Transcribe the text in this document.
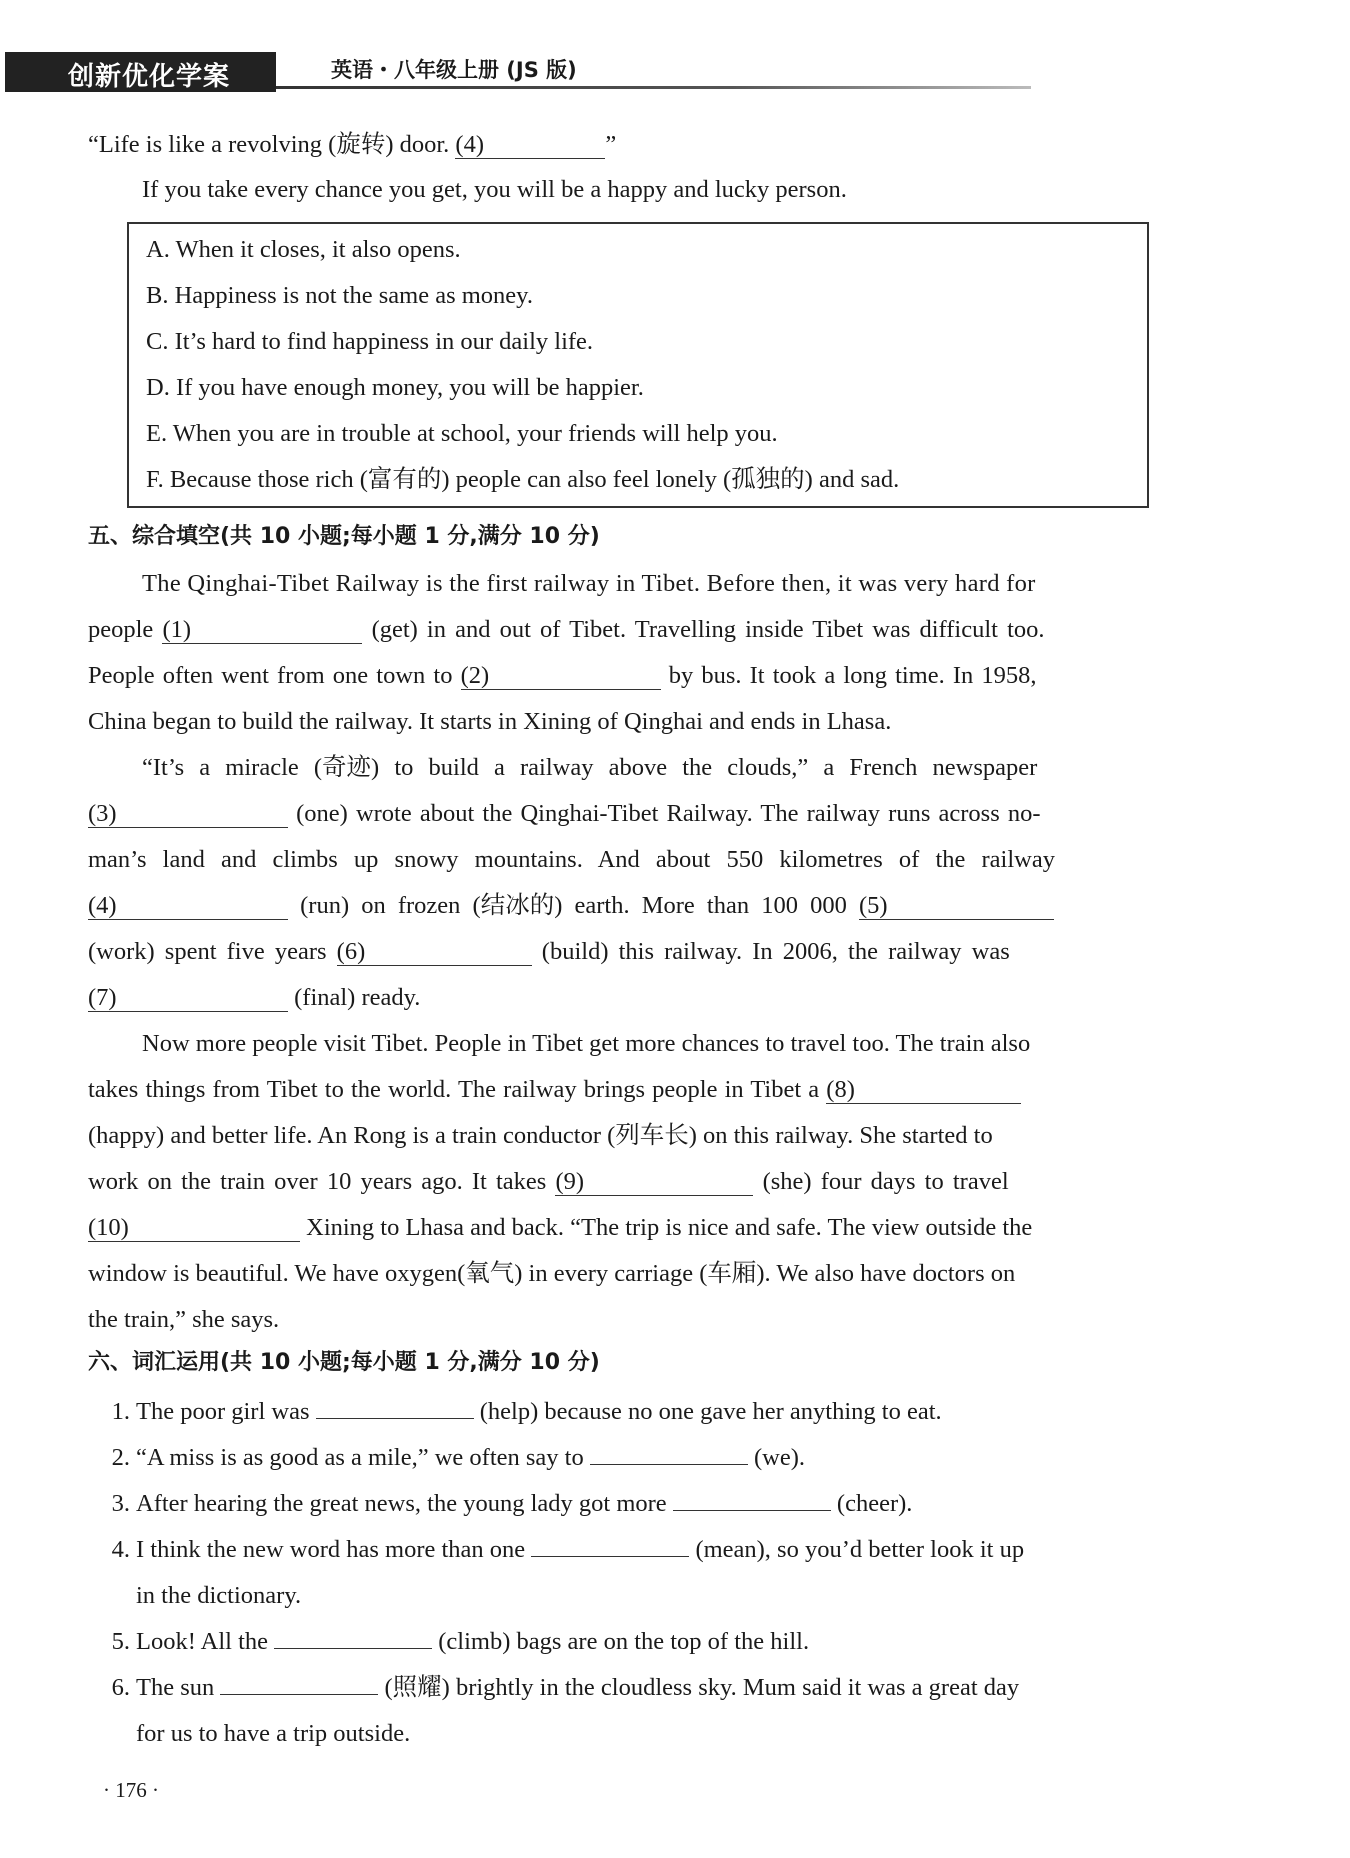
创新优化学案	英语・八年级上册 (JS 版)
“Life is like a revolving (旋转) door. (4)	”
If you take every chance you get, you will be a happy and lucky person.
A. When it closes, it also opens.
B. Happiness is not the same as money.
C. It’s hard to find happiness in our daily life.
D. If you have enough money, you will be happier.
E. When you are in trouble at school, your friends will help you.
F. Because those rich (富有的) people can also feel lonely (孤独的) and sad.
五、综合填空(共 10 小题;每小题 1 分,满分 10 分)
The Qinghai-Tibet Railway is the first railway in Tibet. Before then, it was very hard for
people (1)	(get) in and out of Tibet. Travelling inside Tibet was difficult too.
People often went from one town to (2)	by bus. It took a long time. In 1958,
China began to build the railway. It starts in Xining of Qinghai and ends in Lhasa.
“It’s a miracle (奇迹) to build a railway above the clouds,” a French newspaper
(3)	(one) wrote about the Qinghai-Tibet Railway. The railway runs across no-
man’s land and climbs up snowy mountains. And about 550 kilometres of the railway
(4)	(run) on frozen (结冰的) earth. More than 100 000 (5)
(work) spent five years (6)	(build) this railway. In 2006, the railway was
(7)	(final) ready.
Now more people visit Tibet. People in Tibet get more chances to travel too. The train also
takes things from Tibet to the world. The railway brings people in Tibet a (8)
(happy) and better life. An Rong is a train conductor (列车长) on this railway. She started to
work on the train over 10 years ago. It takes (9)	(she) four days to travel
(10)	Xining to Lhasa and back. “The trip is nice and safe. The view outside the
window is beautiful. We have oxygen(氧气) in every carriage (车厢). We also have doctors on
the train,” she says.
六、词汇运用(共 10 小题;每小题 1 分,满分 10 分)
1. The poor girl was	(help) because no one gave her anything to eat.
2. “A miss is as good as a mile,” we often say to	(we).
3. After hearing the great news, the young lady got more	(cheer).
4. I think the new word has more than one	(mean), so you’d better look it up
in the dictionary.
5. Look! All the	(climb) bags are on the top of the hill.
6. The sun	(照耀) brightly in the cloudless sky. Mum said it was a great day
for us to have a trip outside.
· 176 ·
